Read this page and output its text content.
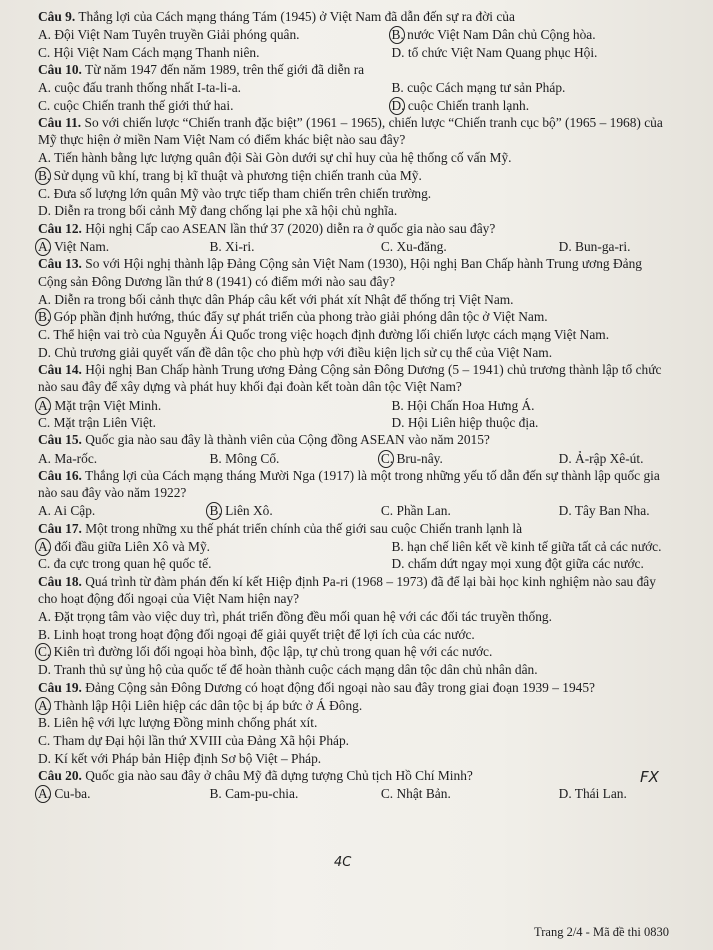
Câu 9. Thắng lợi của Cách mạng tháng Tám (1945) ở Việt Nam đã dẫn đến sự ra đời của
A. Đội Việt Nam Tuyên truyền Giải phóng quân.	B. nước Việt Nam Dân chủ Cộng hòa.
C. Hội Việt Nam Cách mạng Thanh niên.	D. tổ chức Việt Nam Quang phục Hội.
Câu 10. Từ năm 1947 đến năm 1989, trên thế giới đã diễn ra
A. cuộc đấu tranh thống nhất I-ta-li-a.	B. cuộc Cách mạng tư sản Pháp.
C. cuộc Chiến tranh thế giới thứ hai.	D. cuộc Chiến tranh lạnh.
Câu 11. So với chiến lược “Chiến tranh đặc biệt” (1961 – 1965), chiến lược “Chiến tranh cục bộ” (1965 – 1968) của Mỹ thực hiện ở miền Nam Việt Nam có điểm khác biệt nào sau đây?
A. Tiến hành bằng lực lượng quân đội Sài Gòn dưới sự chỉ huy của hệ thống cố vấn Mỹ.
B. Sử dụng vũ khí, trang bị kĩ thuật và phương tiện chiến tranh của Mỹ.
C. Đưa số lượng lớn quân Mỹ vào trực tiếp tham chiến trên chiến trường.
D. Diễn ra trong bối cảnh Mỹ đang chống lại phe xã hội chủ nghĩa.
Câu 12. Hội nghị Cấp cao ASEAN lần thứ 37 (2020) diễn ra ở quốc gia nào sau đây?
A. Việt Nam.	B. Xi-ri.	C. Xu-đăng.	D. Bun-ga-ri.
Câu 13. So với Hội nghị thành lập Đảng Cộng sản Việt Nam (1930), Hội nghị Ban Chấp hành Trung ương Đảng Cộng sản Đông Dương lần thứ 8 (1941) có điểm mới nào sau đây?
A. Diễn ra trong bối cảnh thực dân Pháp câu kết với phát xít Nhật để thống trị Việt Nam.
B. Góp phần định hướng, thúc đẩy sự phát triển của phong trào giải phóng dân tộc ở Việt Nam.
C. Thể hiện vai trò của Nguyễn Ái Quốc trong việc hoạch định đường lối chiến lược cách mạng Việt Nam.
D. Chủ trương giải quyết vấn đề dân tộc cho phù hợp với điều kiện lịch sử cụ thể của Việt Nam.
Câu 14. Hội nghị Ban Chấp hành Trung ương Đảng Cộng sản Đông Dương (5 – 1941) chủ trương thành lập tổ chức nào sau đây để xây dựng và phát huy khối đại đoàn kết toàn dân tộc Việt Nam?
A. Mặt trận Việt Minh.	B. Hội Chấn Hoa Hưng Á.
C. Mặt trận Liên Việt.	D. Hội Liên hiệp thuộc địa.
Câu 15. Quốc gia nào sau đây là thành viên của Cộng đồng ASEAN vào năm 2015?
A. Ma-rốc.	B. Mông Cổ.	C. Bru-nây.	D. Ả-rập Xê-út.
Câu 16. Thắng lợi của Cách mạng tháng Mười Nga (1917) là một trong những yếu tố dẫn đến sự thành lập quốc gia nào sau đây vào năm 1922?
A. Ai Cập.	B. Liên Xô.	C. Phần Lan.	D. Tây Ban Nha.
Câu 17. Một trong những xu thế phát triển chính của thế giới sau cuộc Chiến tranh lạnh là
A. đối đầu giữa Liên Xô và Mỹ.	B. hạn chế liên kết về kinh tế giữa tất cả các nước.
C. đa cực trong quan hệ quốc tế.	D. chấm dứt ngay mọi xung đột giữa các nước.
Câu 18. Quá trình từ đàm phán đến kí kết Hiệp định Pa-ri (1968 – 1973) đã để lại bài học kinh nghiệm nào sau đây cho hoạt động đối ngoại của Việt Nam hiện nay?
A. Đặt trọng tâm vào việc duy trì, phát triển đồng đều mối quan hệ với các đối tác truyền thống.
B. Linh hoạt trong hoạt động đối ngoại để giải quyết triệt để lợi ích của các nước.
C. Kiên trì đường lối đối ngoại hòa bình, độc lập, tự chủ trong quan hệ với các nước.
D. Tranh thủ sự ủng hộ của quốc tế để hoàn thành cuộc cách mạng dân tộc dân chủ nhân dân.
Câu 19. Đảng Cộng sản Đông Dương có hoạt động đối ngoại nào sau đây trong giai đoạn 1939 – 1945?
A. Thành lập Hội Liên hiệp các dân tộc bị áp bức ở Á Đông.
B. Liên hệ với lực lượng Đồng minh chống phát xít.
C. Tham dự Đại hội lần thứ XVIII của Đảng Xã hội Pháp.
D. Kí kết với Pháp bản Hiệp định Sơ bộ Việt – Pháp.
Câu 20. Quốc gia nào sau đây ở châu Mỹ đã dựng tượng Chủ tịch Hồ Chí Minh?
A. Cu-ba.	B. Cam-pu-chia.	C. Nhật Bản.	D. Thái Lan.
FX
4C
Trang 2/4 - Mã đề thi 0830
